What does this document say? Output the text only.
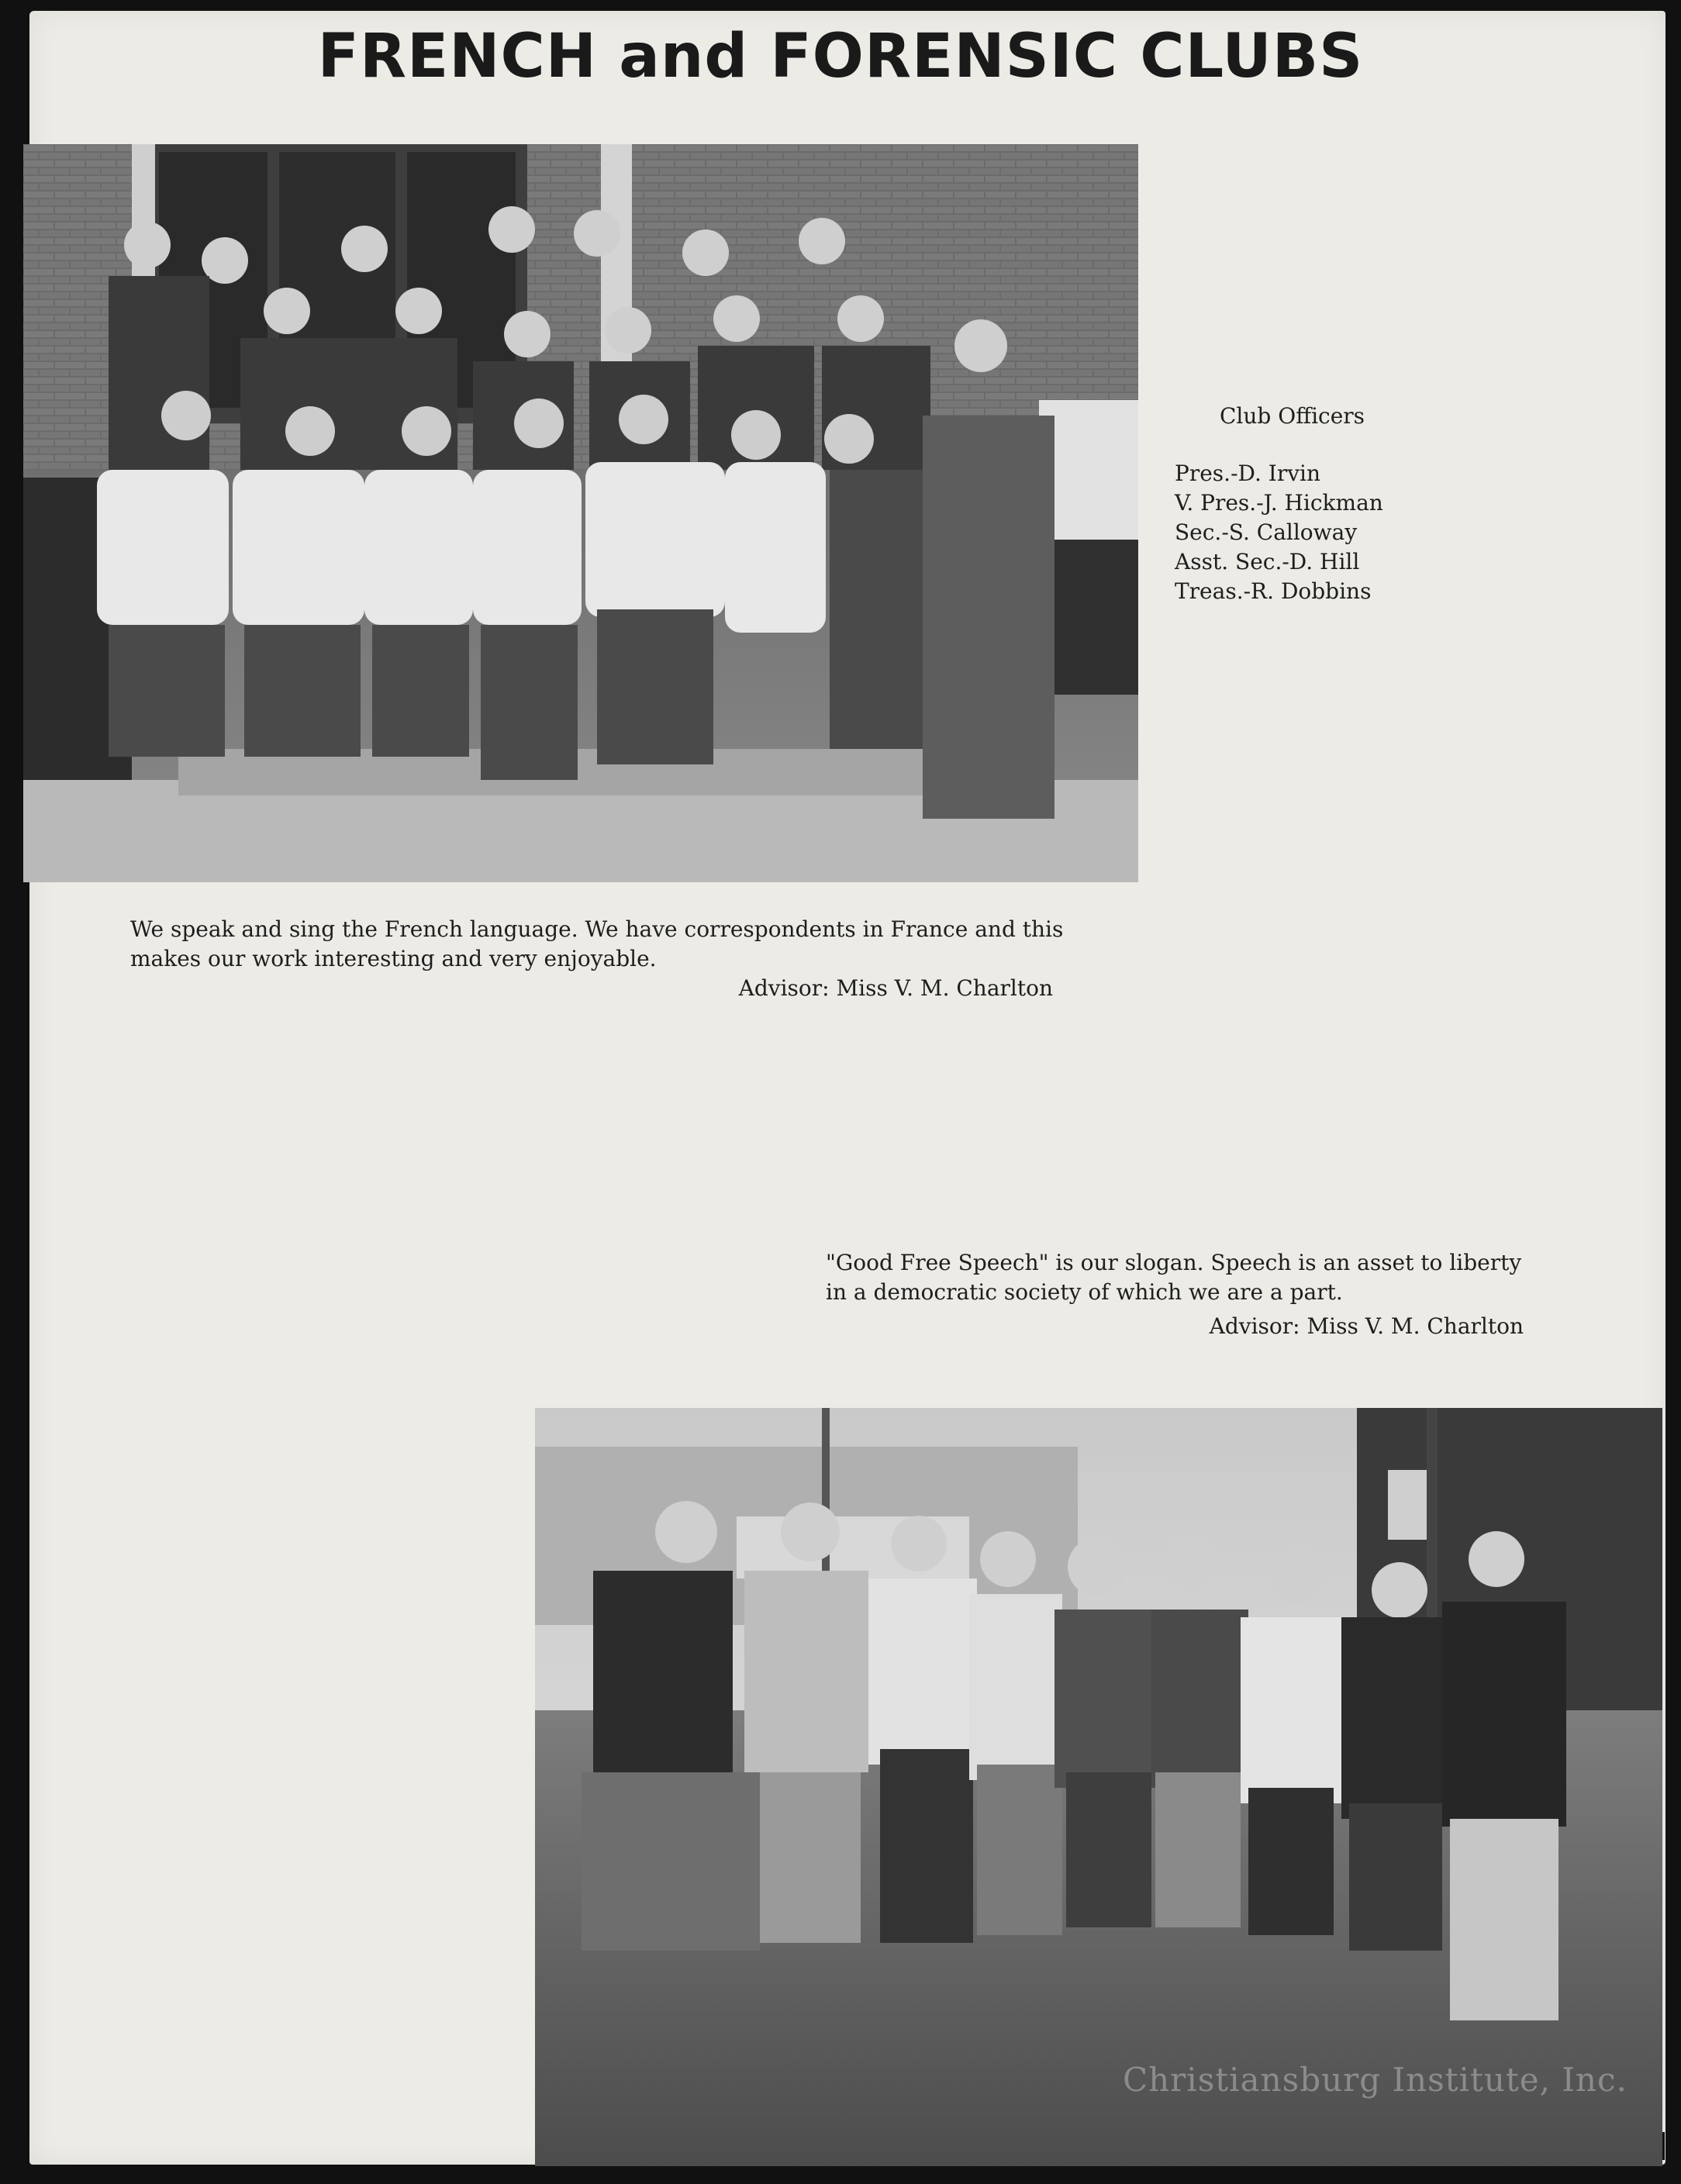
FRENCH and FORENSIC CLUBS
Club Officers
Pres.-D. Irvin
V. Pres.-J. Hickman
Sec.-S. Calloway
Asst. Sec.-D. Hill
Treas.-R. Dobbins
We speak and sing the French language. We have correspondents in France and this makes our work interesting and very enjoyable.
Advisor: Miss V. M. Charlton
"Good Free Speech" is our slogan. Speech is an asset to liberty in a democratic society of which we are a part.
Advisor: Miss V. M. Charlton
Christiansburg Institute, Inc.
